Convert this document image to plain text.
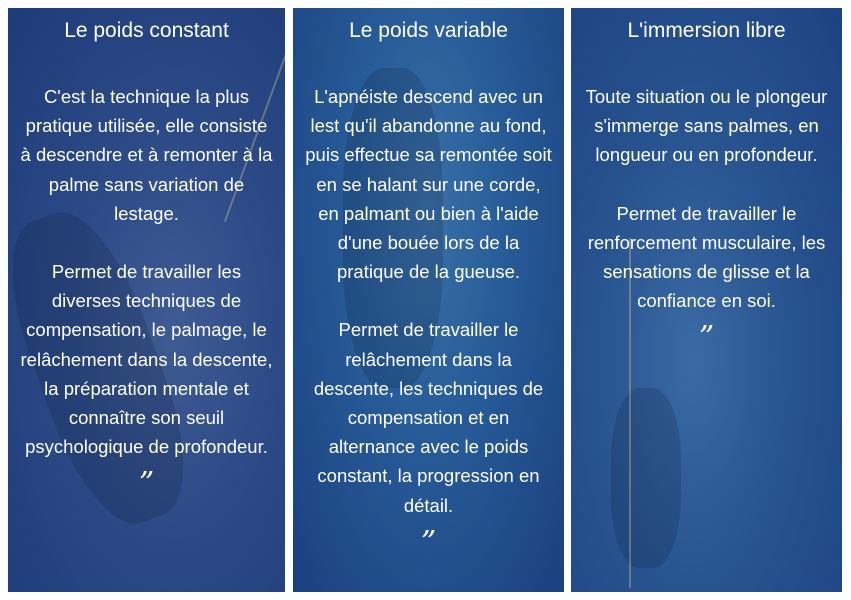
Le poids constant

C'est la technique la plus pratique utilisée, elle consiste à descendre et à remonter à la palme sans variation de lestage.

Permet de travailler les diverses techniques de compensation, le palmage, le relâchement dans la descente, la préparation mentale et connaître son seuil psychologique de profondeur.

”
Le poids variable

L'apnéiste descend avec un lest qu'il abandonne au fond, puis effectue sa remontée soit en se halant sur une corde, en palmant ou bien à l'aide d'une bouée lors de la pratique de la gueuse.

Permet de travailler le relâchement dans la descente, les techniques de compensation et en alternance avec le poids constant, la progression en détail.

”
L'immersion libre

Toute situation ou le plongeur s'immerge sans palmes, en longueur ou en profondeur.

Permet de travailler le renforcement musculaire, les sensations de glisse et la confiance en soi.

”
